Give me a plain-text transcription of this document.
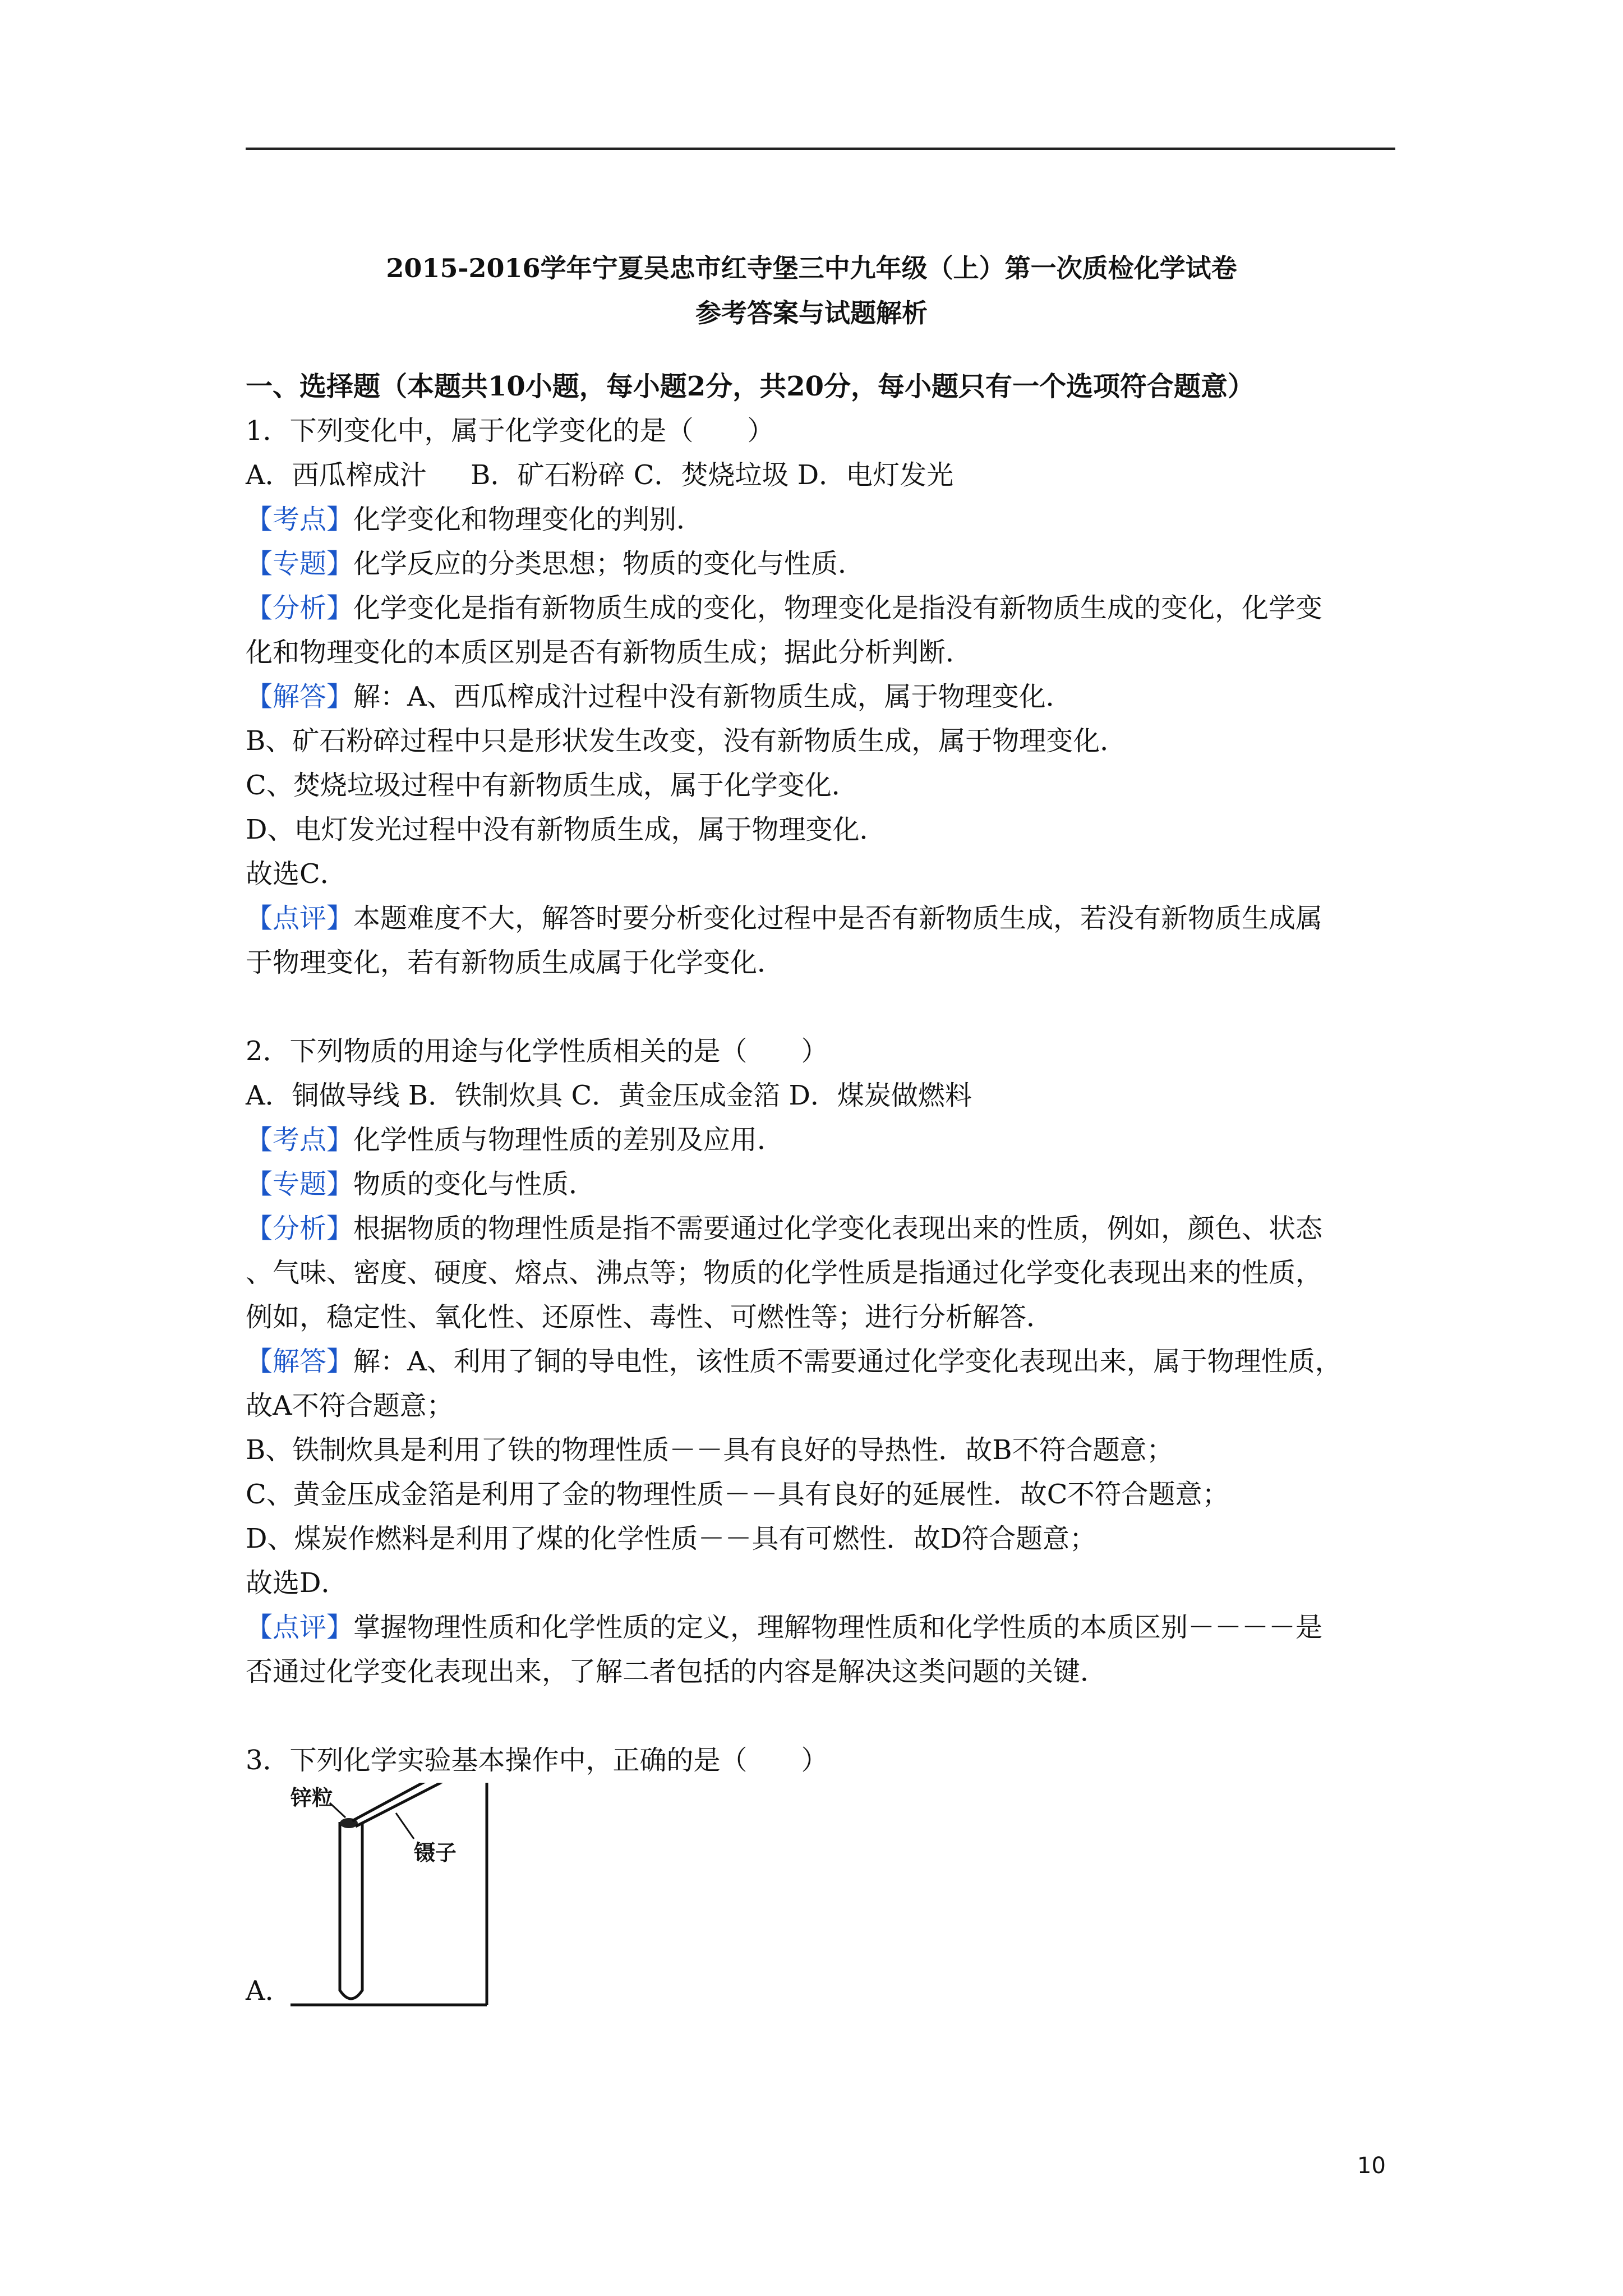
2015-2016学年宁夏吴忠市红寺堡三中九年级（上）第一次质检化学试卷
参考答案与试题解析
一、选择题（本题共10小题，每小题2分，共20分，每小题只有一个选项符合题意）
1．下列变化中，属于化学变化的是（　　）
A．西瓜榨成汁　  B．矿石粉碎 C．焚烧垃圾 D．电灯发光
【考点】化学变化和物理变化的判别．
【专题】化学反应的分类思想；物质的变化与性质．
【分析】化学变化是指有新物质生成的变化，物理变化是指没有新物质生成的变化，化学变
化和物理变化的本质区别是否有新物质生成；据此分析判断．
【解答】解：A、西瓜榨成汁过程中没有新物质生成，属于物理变化．
B、矿石粉碎过程中只是形状发生改变，没有新物质生成，属于物理变化．
C、焚烧垃圾过程中有新物质生成，属于化学变化．
D、电灯发光过程中没有新物质生成，属于物理变化．
故选C．
【点评】本题难度不大，解答时要分析变化过程中是否有新物质生成，若没有新物质生成属
于物理变化，若有新物质生成属于化学变化．
2．下列物质的用途与化学性质相关的是（　　）
A．铜做导线 B．铁制炊具 C．黄金压成金箔 D．煤炭做燃料
【考点】化学性质与物理性质的差别及应用．
【专题】物质的变化与性质．
【分析】根据物质的物理性质是指不需要通过化学变化表现出来的性质，例如，颜色、状态
、气味、密度、硬度、熔点、沸点等；物质的化学性质是指通过化学变化表现出来的性质，
例如，稳定性、氧化性、还原性、毒性、可燃性等；进行分析解答．
【解答】解：A、利用了铜的导电性，该性质不需要通过化学变化表现出来，属于物理性质，
故A不符合题意；
B、铁制炊具是利用了铁的物理性质－－具有良好的导热性．故B不符合题意；
C、黄金压成金箔是利用了金的物理性质－－具有良好的延展性．故C不符合题意；
D、煤炭作燃料是利用了煤的化学性质－－具有可燃性．故D符合题意；
故选D．
【点评】掌握物理性质和化学性质的定义，理解物理性质和化学性质的本质区别－－－－是
否通过化学变化表现出来，了解二者包括的内容是解决这类问题的关键．
3．下列化学实验基本操作中，正确的是（　　）
锌粒
镊子
A．
10
